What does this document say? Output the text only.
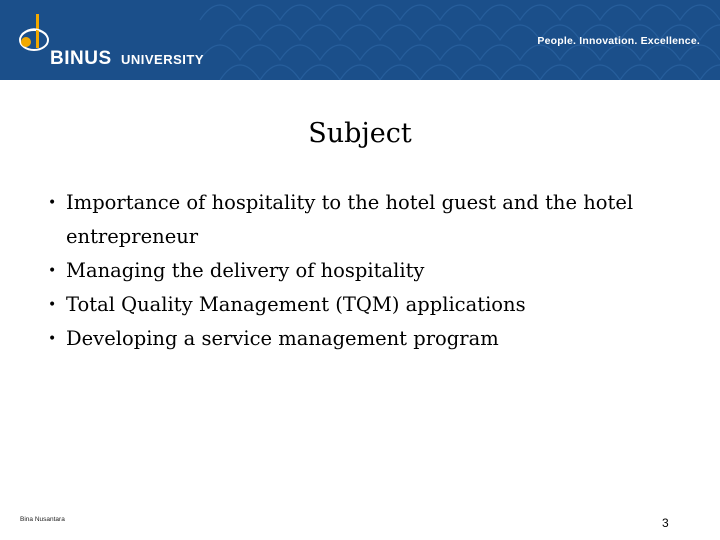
BINUS UNIVERSITY
People. Innovation. Excellence.
Subject
• Importance of hospitality to the hotel guest and the hotel entrepreneur
• Managing the delivery of hospitality
• Total Quality Management (TQM) applications
• Developing a service management program
Bina Nusantara	3
